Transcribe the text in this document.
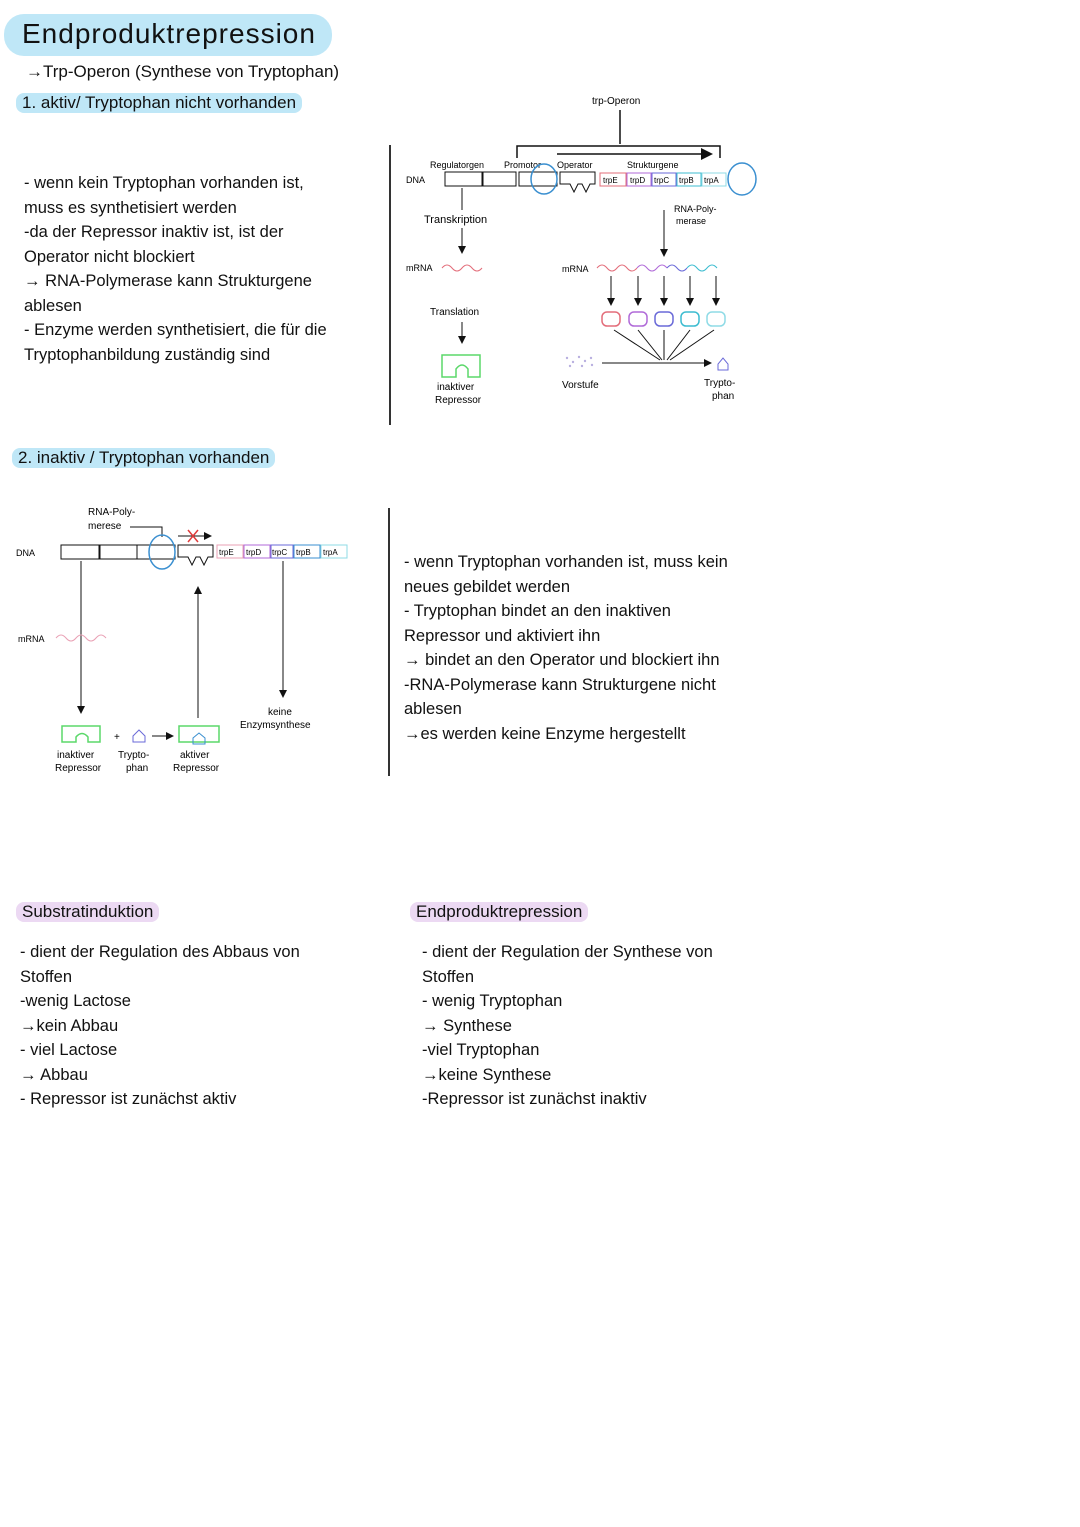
Endproduktrepression
→Trp-Operon (Synthese von Tryptophan)
1. aktiv/ Tryptophan nicht vorhanden
- wenn kein Tryptophan vorhanden ist,
muss es synthetisiert werden
-da der Repressor inaktiv ist, ist der
Operator nicht blockiert
→ RNA-Polymerase kann Strukturgene
ablesen
- Enzyme werden synthetisiert, die für die
Tryptophanbildung zuständig sind
trp-Operon
Regulatorgen Promotor Operator	Strukturgene
DNA	trpE trpD trpC trpB trpA
RNA-Poly-
merase
Transkription
mRNA
Translation
inaktiver
Repressor
mRNA
Vorstufe	Trypto-
phan
2. inaktiv / Tryptophan vorhanden
RNA-Poly-
merese
DNA	trpE trpD trpC trpB trpA
mRNA
keine
Enzymsynthese
+
inaktiver
Repressor
Trypto-
phan
aktiver
Repressor
- wenn Tryptophan vorhanden ist, muss kein
neues gebildet werden
- Tryptophan bindet an den inaktiven
Repressor und aktiviert ihn
→ bindet an den Operator und blockiert ihn
-RNA-Polymerase kann Strukturgene nicht
ablesen
→es werden keine Enzyme hergestellt
Substratinduktion
- dient der Regulation des Abbaus von
Stoffen
-wenig Lactose
→kein Abbau
- viel Lactose
→ Abbau
- Repressor ist zunächst aktiv
Endproduktrepression
- dient der Regulation der Synthese von
Stoffen
- wenig Tryptophan
→ Synthese
-viel Tryptophan
→keine Synthese
-Repressor ist zunächst inaktiv
